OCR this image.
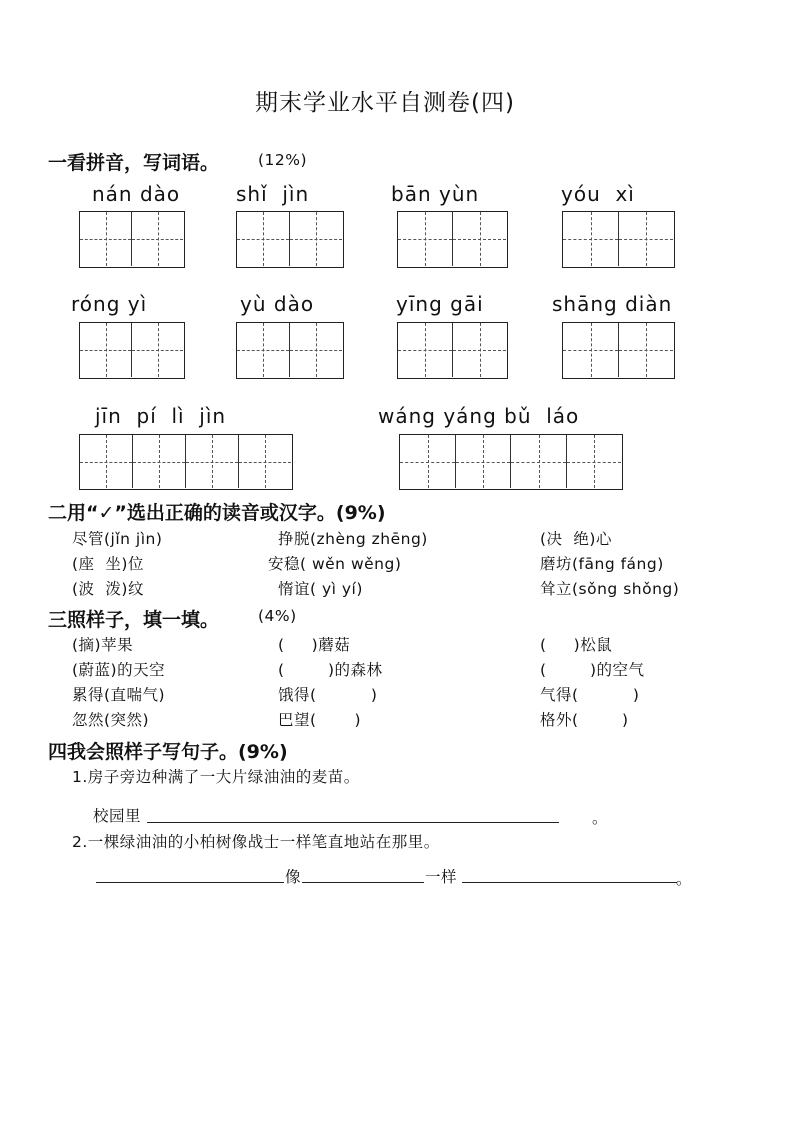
期末学业水平自测卷(四)
一看拼音，写词语。	(12%)
nán dào	shǐ  jìn	bān yùn	yóu  xì
róng yì	yù dào	yīng gāi	shāng diàn
jīn  pí  lì  jìn	wáng yáng bǔ  láo
二用“✓”选出正确的读音或汉字。(9%)
尽管(jǐn jìn)	挣脱(zhèng zhēng)	(决  绝)心
(座  坐)位	安稳( wěn wěng)	磨坊(fāng fáng)
(波  泼)纹	惰谊( yì yí)	耸立(sǒng shǒng)
三照样子，填一填。	(4%)
(摘)苹果	(     )蘑菇	(     )松鼠
(蔚蓝)的天空	(        )的森林	(        )的空气
累得(直喘气)	饿得(          )	气得(          )
忽然(突然)	巴望(       )	格外(        )
四我会照样子写句子。(9%)
1.房子旁边种满了一大片绿油油的麦苗。
校园里	。
2.一棵绿油油的小柏树像战士一样笔直地站在那里。
像	一样	。
